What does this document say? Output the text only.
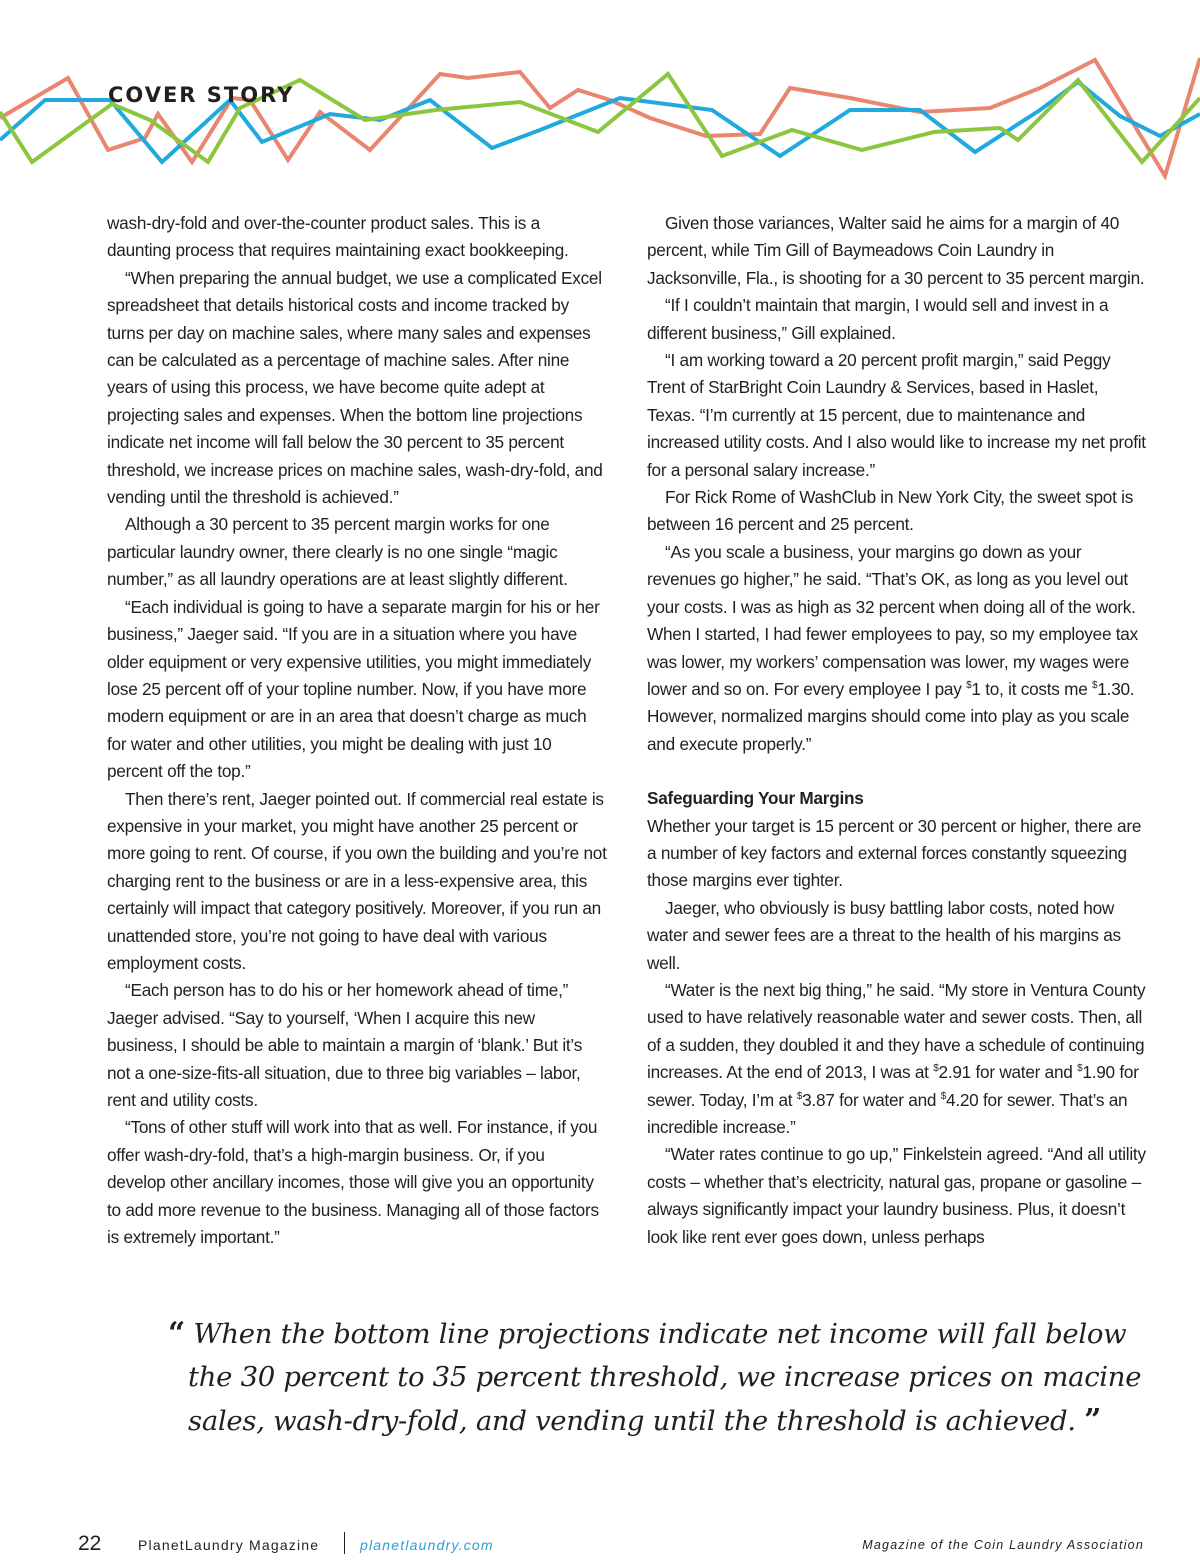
COVER STORY

wash-dry-fold and over-the-counter product sales. This is a daunting process that requires maintaining exact bookkeeping.

“When preparing the annual budget, we use a complicated Excel spreadsheet that details historical costs and income tracked by turns per day on machine sales, where many sales and expenses can be calculated as a percentage of machine sales. After nine years of using this process, we have become quite adept at projecting sales and expenses. When the bottom line projections indicate net income will fall below the 30 percent to 35 percent threshold, we increase prices on machine sales, wash-dry-fold, and vending until the threshold is achieved.”

Although a 30 percent to 35 percent margin works for one particular laundry owner, there clearly is no one single “magic number,” as all laundry operations are at least slightly different.

“Each individual is going to have a separate margin for his or her business,” Jaeger said. “If you are in a situation where you have older equipment or very expensive utilities, you might immediately lose 25 percent off of your topline number. Now, if you have more modern equipment or are in an area that doesn’t charge as much for water and other utilities, you might be dealing with just 10 percent off the top.”

Then there’s rent, Jaeger pointed out. If commercial real estate is expensive in your market, you might have another 25 percent or more going to rent. Of course, if you own the building and you’re not charging rent to the business or are in a less-expensive area, this certainly will impact that category positively. Moreover, if you run an unattended store, you’re not going to have deal with various employment costs.

“Each person has to do his or her homework ahead of time,” Jaeger advised. “Say to yourself, ‘When I acquire this new business, I should be able to maintain a margin of ‘blank.’ But it’s not a one-size-fits-all situation, due to three big variables – labor, rent and utility costs.

“Tons of other stuff will work into that as well. For instance, if you offer wash-dry-fold, that’s a high-margin business. Or, if you develop other ancillary incomes, those will give you an opportunity to add more revenue to the business. Managing all of those factors is extremely important.”

Given those variances, Walter said he aims for a margin of 40 percent, while Tim Gill of Baymeadows Coin Laundry in Jacksonville, Fla., is shooting for a 30 percent to 35 percent margin.

“If I couldn’t maintain that margin, I would sell and invest in a different business,” Gill explained.

“I am working toward a 20 percent profit margin,” said Peggy Trent of StarBright Coin Laundry & Services, based in Haslet, Texas. “I’m currently at 15 percent, due to maintenance and increased utility costs. And I also would like to increase my net profit for a personal salary increase.”

For Rick Rome of WashClub in New York City, the sweet spot is between 16 percent and 25 percent.

“As you scale a business, your margins go down as your revenues go higher,” he said. “That’s OK, as long as you level out your costs. I was as high as 32 percent when doing all of the work. When I started, I had fewer employees to pay, so my employee tax was lower, my workers’ compensation was lower, my wages were lower and so on. For every employee I pay $1 to, it costs me $1.30. However, normalized margins should come into play as you scale and execute properly.”

Safeguarding Your Margins

Whether your target is 15 percent or 30 percent or higher, there are a number of key factors and external forces constantly squeezing those margins ever tighter.

Jaeger, who obviously is busy battling labor costs, noted how water and sewer fees are a threat to the health of his margins as well.

“Water is the next big thing,” he said. “My store in Ventura County used to have relatively reasonable water and sewer costs. Then, all of a sudden, they doubled it and they have a schedule of continuing increases. At the end of 2013, I was at $2.91 for water and $1.90 for sewer. Today, I’m at $3.87 for water and $4.20 for sewer. That’s an incredible increase.”

“Water rates continue to go up,” Finkelstein agreed. “And all utility costs – whether that’s electricity, natural gas, propane or gasoline – always significantly impact your laundry business. Plus, it doesn’t look like rent ever goes down, unless perhaps

“ When the bottom line projections indicate net income will fall below
the 30 percent to 35 percent threshold, we increase prices on macine
sales, wash-dry-fold, and vending until the threshold is achieved. ”
22	PlanetLaundry Magazine	planetlaundry.com	Magazine of the Coin Laundry Association
